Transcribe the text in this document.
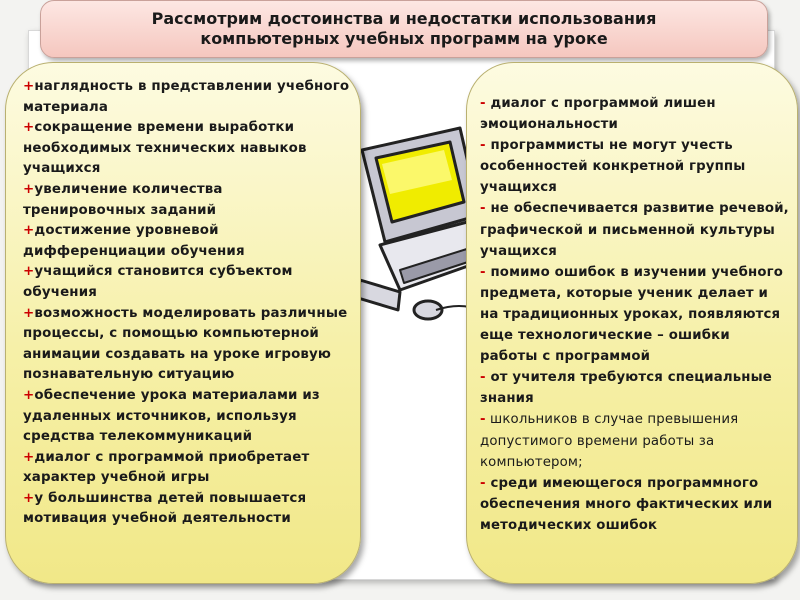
Рассмотрим достоинства и недостатки использования
компьютерных учебных программ на уроке
+наглядность в представлении учебного материала
+сокращение времени выработки необходимых технических навыков учащихся
+увеличение количества тренировочных заданий
+достижение уровневой дифференциации обучения
+учащийся становится субъектом обучения
+возможность моделировать различные процессы, с помощью компьютерной анимации создавать на уроке игровую познавательную ситуацию
+обеспечение урока материалами из удаленных источников, используя средства телекоммуникаций
+диалог с программой приобретает характер учебной игры
+у большинства детей повышается мотивация учебной деятельности
- диалог с программой лишен эмоциональности
- программисты не могут учесть особенностей конкретной группы учащихся
- не обеспечивается развитие речевой, графической и письменной культуры учащихся
- помимо ошибок в изучении учебного предмета, которые ученик делает и на традиционных уроках, появляются еще технологические – ошибки работы с программой
- от учителя требуются специальные знания
- школьников в случае превышения допустимого времени работы за компьютером;
- среди имеющегося программного обеспечения много фактических или методических ошибок
